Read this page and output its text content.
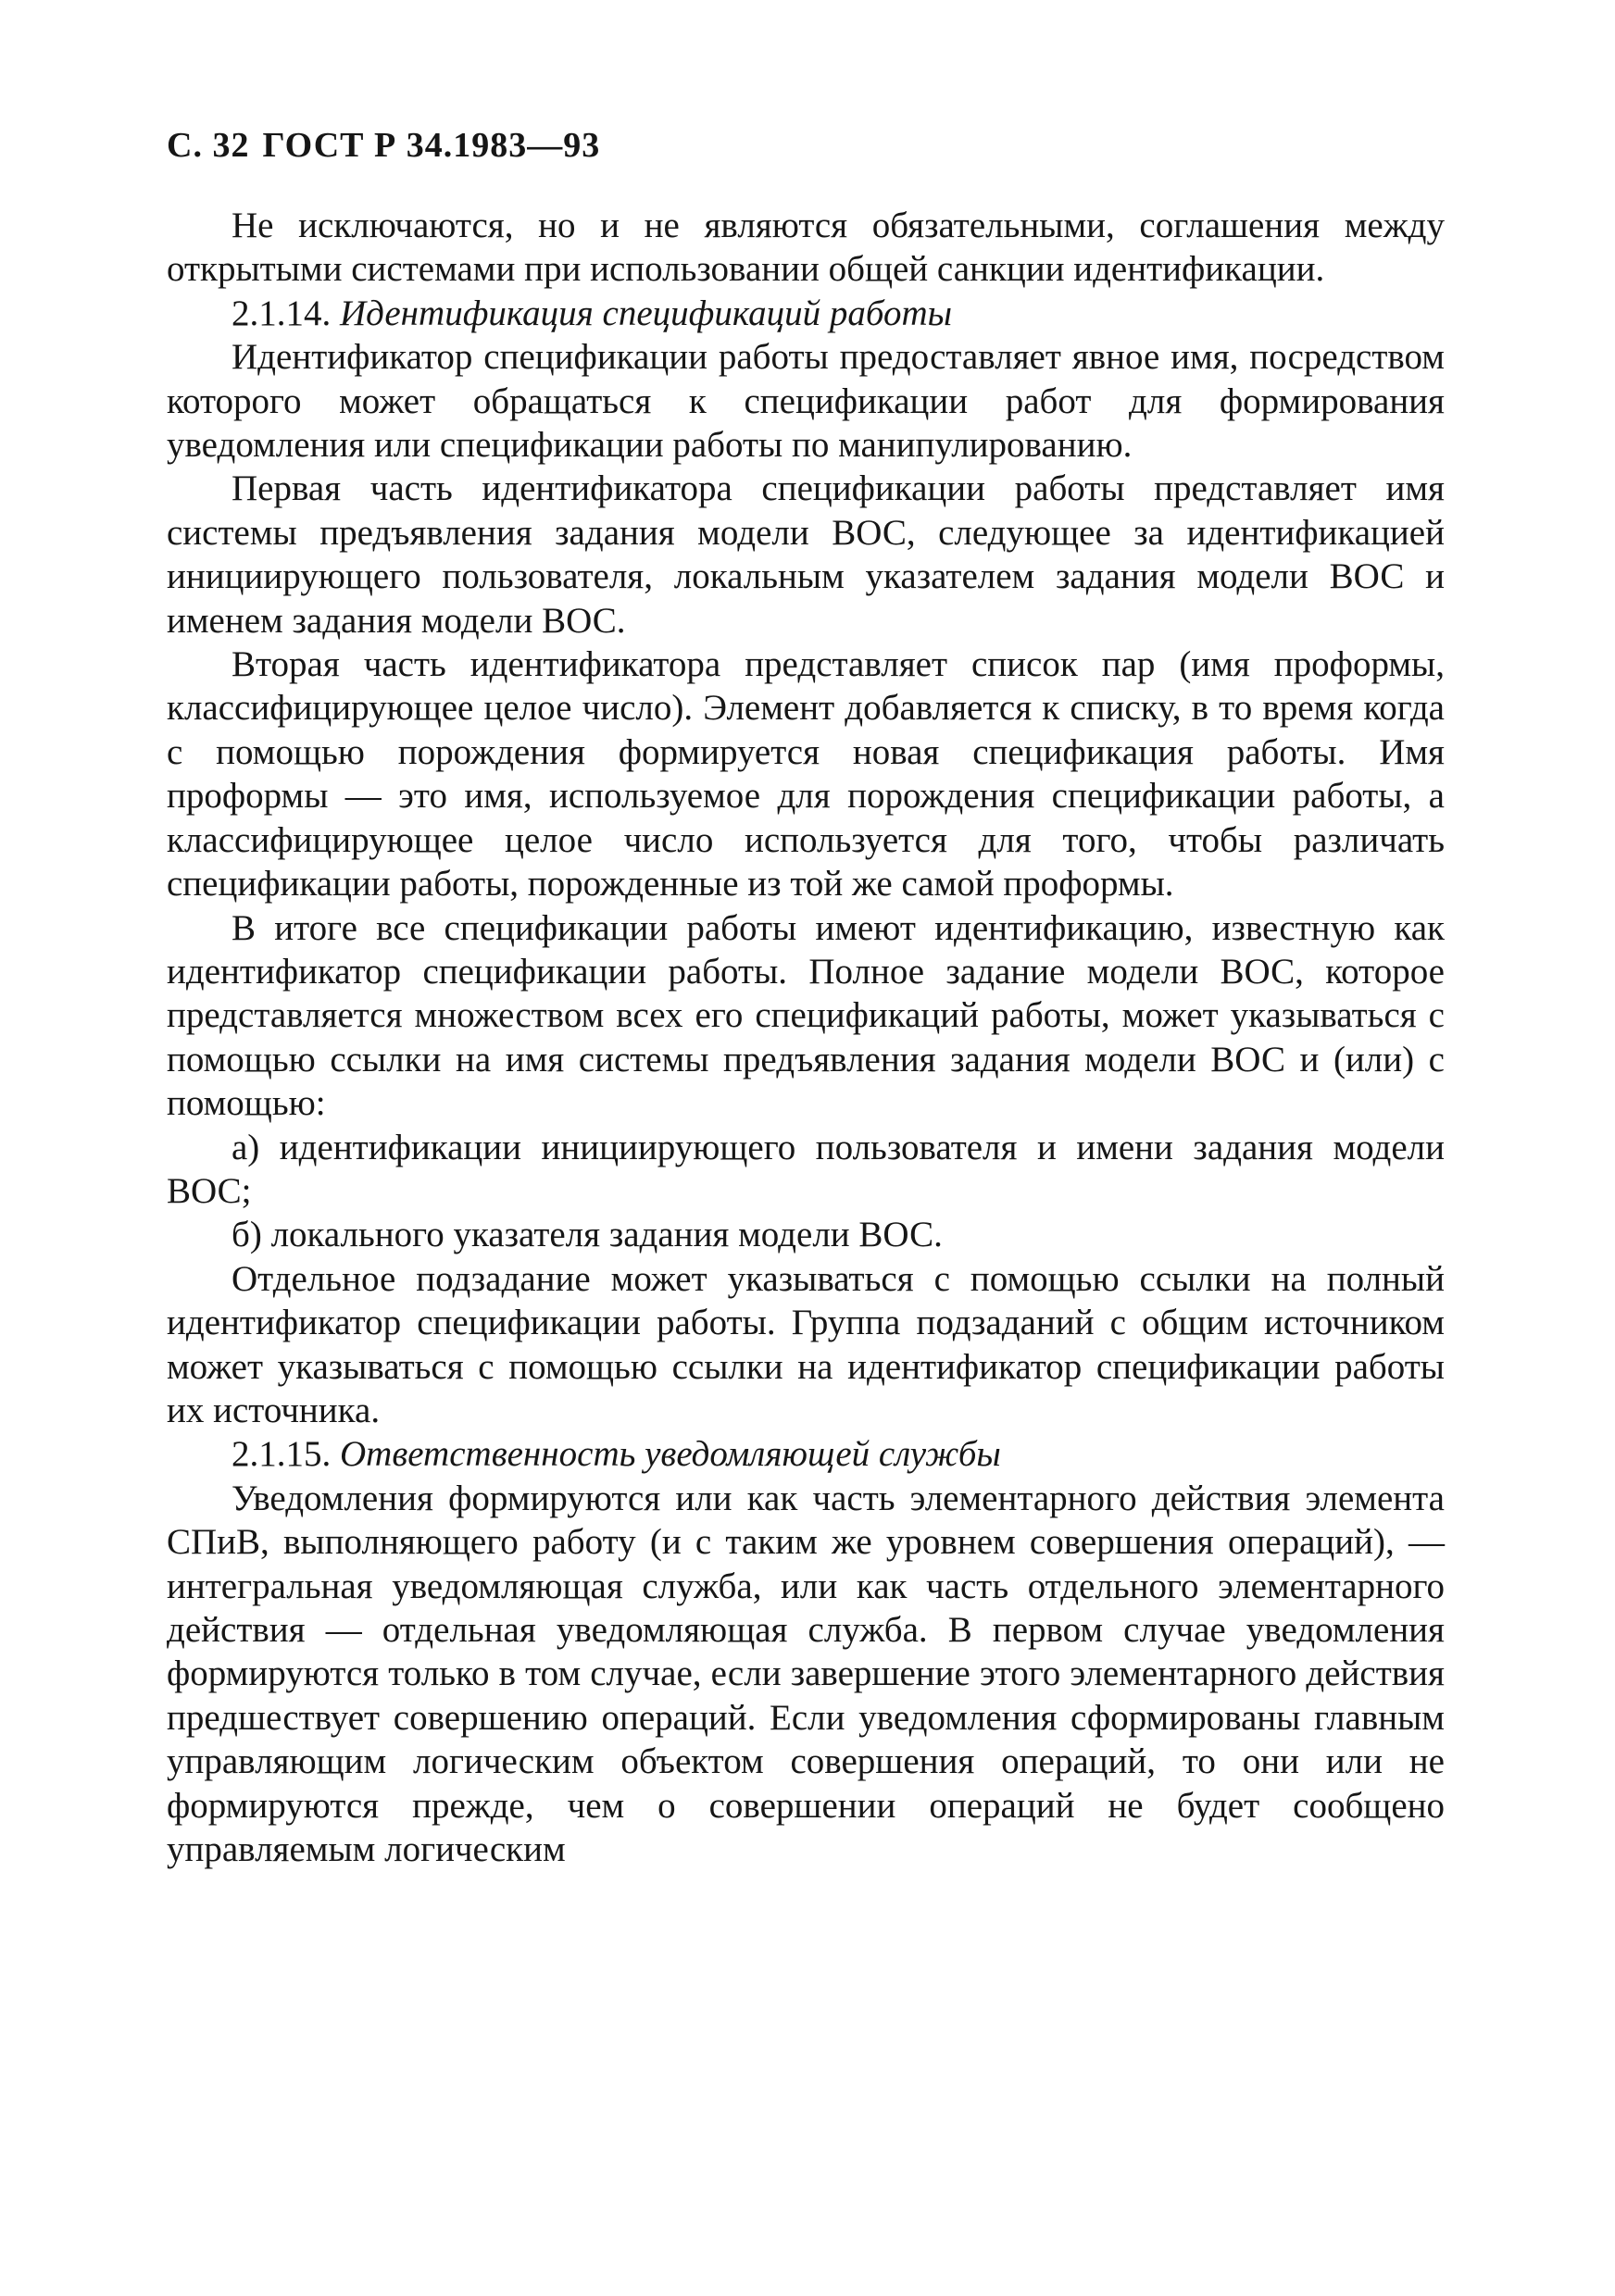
С. 32 ГОСТ Р 34.1983—93

Не исключаются, но и не являются обязательными, соглашения между открытыми системами при использовании общей санкции идентификации.

2.1.14. Идентификация спецификаций работы

Идентификатор спецификации работы предоставляет явное имя, посредством которого может обращаться к спецификации работ для формирования уведомления или спецификации работы по манипулированию.

Первая часть идентификатора спецификации работы представляет имя системы предъявления задания модели ВОС, следующее за идентификацией инициирующего пользователя, локальным указателем задания модели ВОС и именем задания модели ВОС.

Вторая часть идентификатора представляет список пар (имя проформы, классифицирующее целое число). Элемент добавляется к списку, в то время когда с помощью порождения формируется новая спецификация работы. Имя проформы — это имя, используемое для порождения спецификации работы, а классифицирующее целое число используется для того, чтобы различать спецификации работы, порожденные из той же самой проформы.

В итоге все спецификации работы имеют идентификацию, известную как идентификатор спецификации работы. Полное задание модели ВОС, которое представляется множеством всех его спецификаций работы, может указываться с помощью ссылки на имя системы предъявления задания модели ВОС и (или) с помощью:

а) идентификации инициирующего пользователя и имени задания модели ВОС;

б) локального указателя задания модели ВОС.

Отдельное подзадание может указываться с помощью ссылки на полный идентификатор спецификации работы. Группа подзаданий с общим источником может указываться с помощью ссылки на идентификатор спецификации работы их источника.

2.1.15. Ответственность уведомляющей службы

Уведомления формируются или как часть элементарного действия элемента СПиВ, выполняющего работу (и с таким же уровнем совершения операций), — интегральная уведомляющая служба, или как часть отдельного элементарного действия — отдельная уведомляющая служба. В первом случае уведомления формируются только в том случае, если завершение этого элементарного действия предшествует совершению операций. Если уведомления сформированы главным управляющим логическим объектом совершения операций, то они или не формируются прежде, чем о совершении операций не будет сообщено управляемым логическим
